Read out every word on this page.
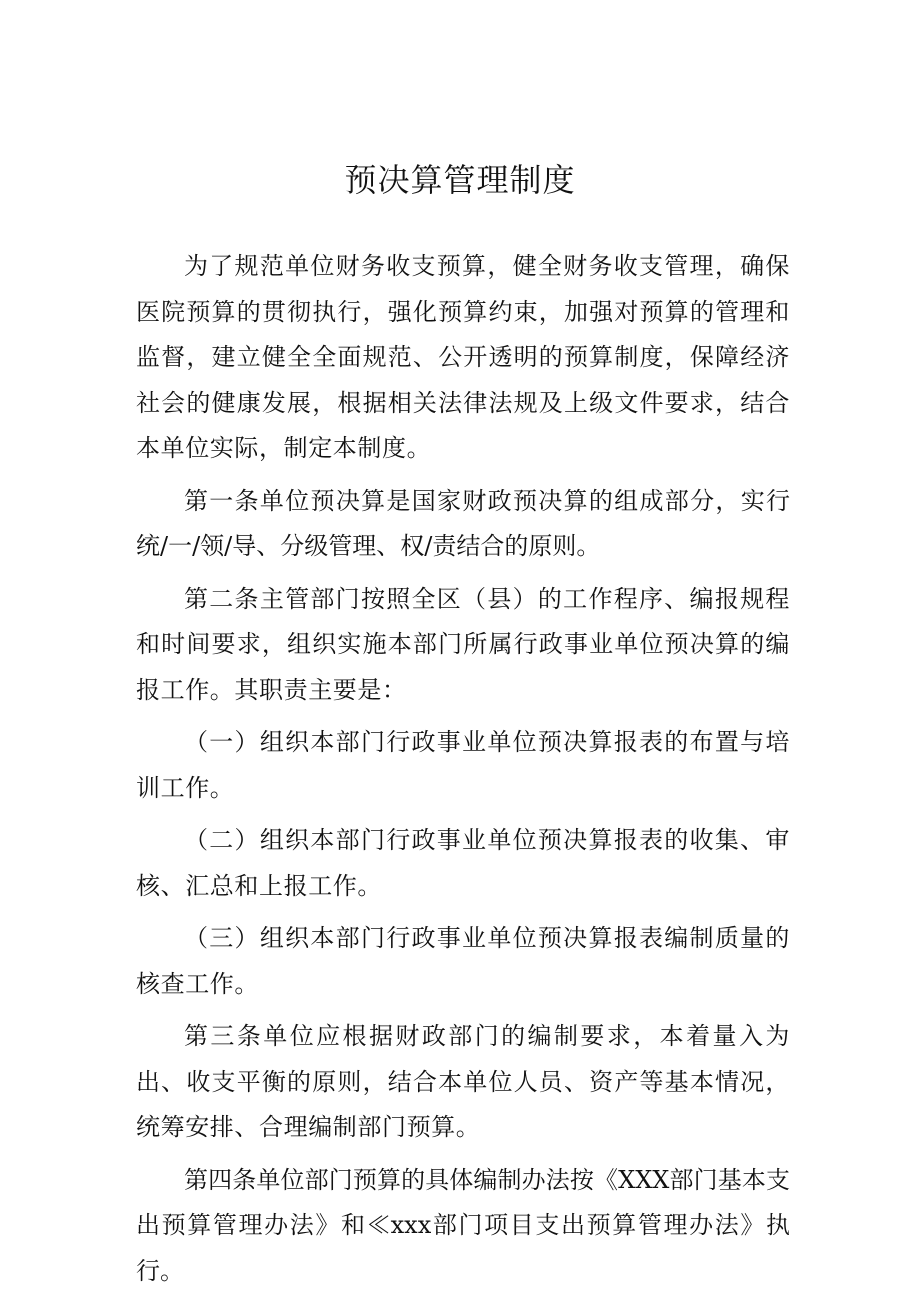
预决算管理制度

为了规范单位财务收支预算，健全财务收支管理，确保医院预算的贯彻执行，强化预算约束，加强对预算的管理和监督，建立健全全面规范、公开透明的预算制度，保障经济社会的健康发展，根据相关法律法规及上级文件要求，结合本单位实际，制定本制度。

第一条单位预决算是国家财政预决算的组成部分，实行统/一/领/导、分级管理、权/责结合的原则。

第二条主管部门按照全区（县）的工作程序、编报规程和时间要求，组织实施本部门所属行政事业单位预决算的编报工作。其职责主要是：

（一）组织本部门行政事业单位预决算报表的布置与培训工作。

（二）组织本部门行政事业单位预决算报表的收集、审核、汇总和上报工作。

（三）组织本部门行政事业单位预决算报表编制质量的核查工作。

第三条单位应根据财政部门的编制要求，本着量入为出、收支平衡的原则，结合本单位人员、资产等基本情况，统筹安排、合理编制部门预算。

第四条单位部门预算的具体编制办法按《XXX部门基本支出预算管理办法》和≪xxx部门项目支出预算管理办法》执行。
